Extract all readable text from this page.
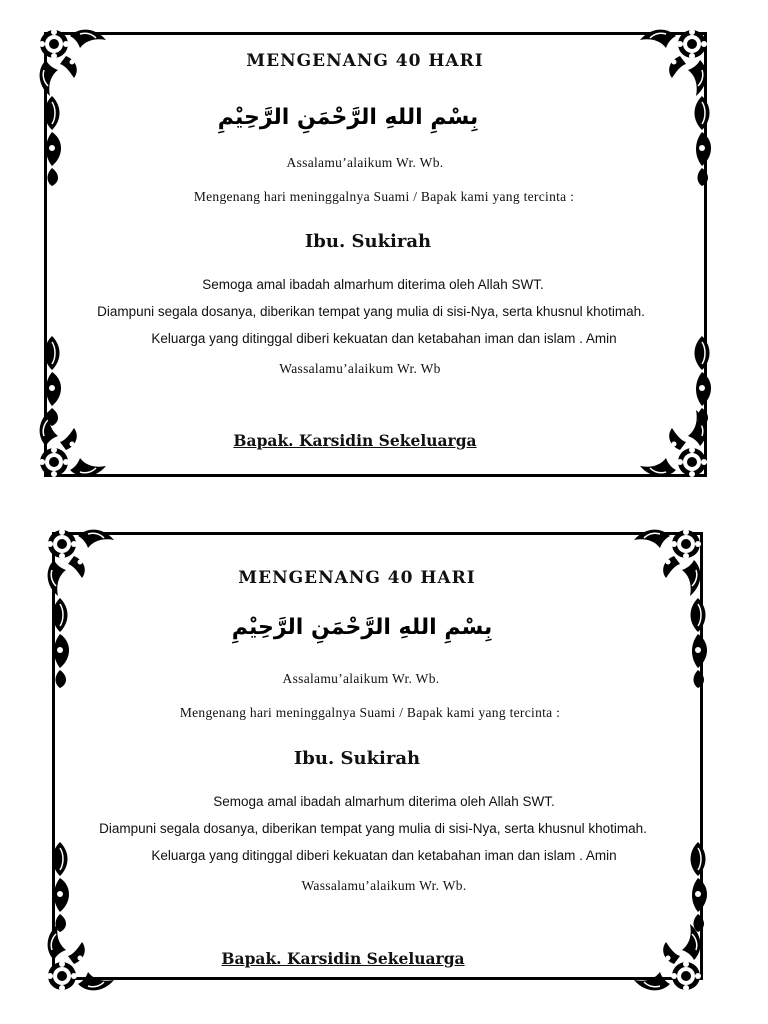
MENGENANG 40 HARI
بِسْمِ اللهِ الرَّحْمَنِ الرَّحِيْمِ
Assalamu’alaikum Wr. Wb.
Mengenang hari meninggalnya Suami / Bapak kami yang tercinta :
Ibu. Sukirah
Semoga amal ibadah almarhum diterima oleh Allah SWT.
Diampuni segala dosanya, diberikan tempat yang mulia di sisi-Nya, serta khusnul khotimah.
Keluarga yang ditinggal diberi kekuatan dan ketabahan iman dan islam . Amin
Wassalamu’alaikum Wr. Wb
Bapak. Karsidin Sekeluarga
MENGENANG 40 HARI
بِسْمِ اللهِ الرَّحْمَنِ الرَّحِيْمِ
Assalamu’alaikum Wr. Wb.
Mengenang hari meninggalnya Suami / Bapak kami yang tercinta :
Ibu. Sukirah
Semoga amal ibadah almarhum diterima oleh Allah SWT.
Diampuni segala dosanya, diberikan tempat yang mulia di sisi-Nya, serta khusnul khotimah.
Keluarga yang ditinggal diberi kekuatan dan ketabahan iman dan islam . Amin
Wassalamu’alaikum Wr. Wb.
Bapak. Karsidin Sekeluarga
